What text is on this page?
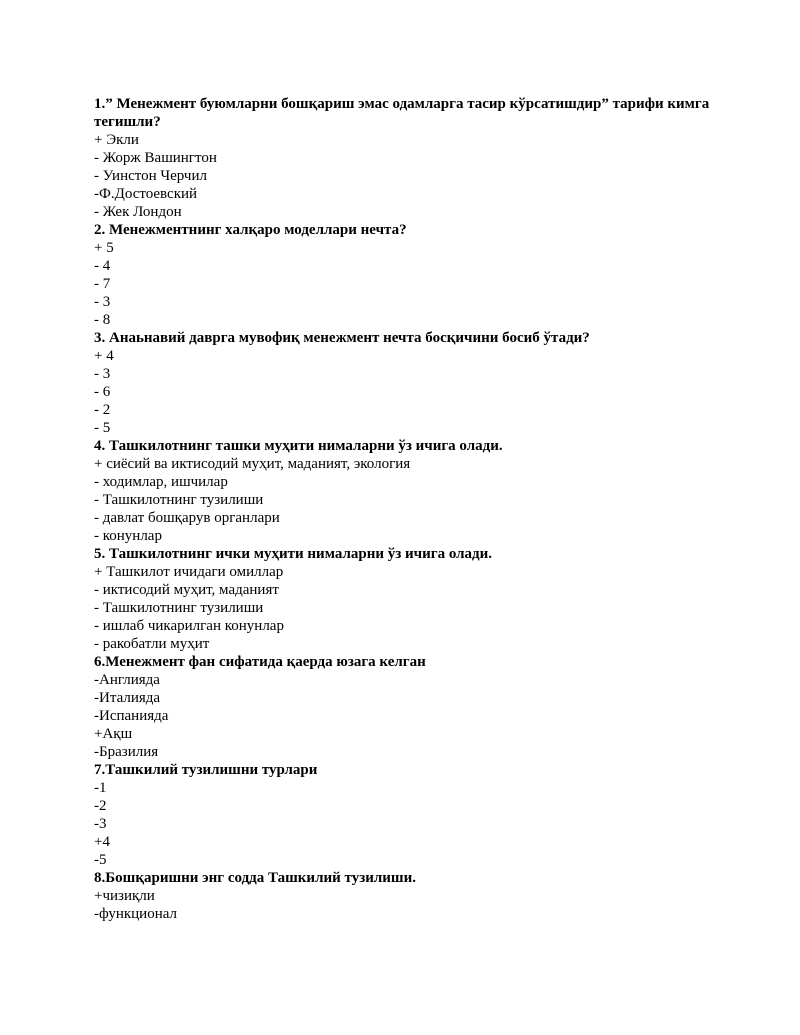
1.” Менежмент буюмларни бошқариш эмас одамларга тасир кўрсатишдир” тарифи кимга тегишли?
+ Экли
- Жорж Вашингтон
- Уинстон Черчил
-Ф.Достоевский
- Жек Лондон
2. Менежментнинг халқаро моделлари нечта?
+ 5
- 4
- 7
- 3
- 8
3. Анаьнавий даврга мувофиқ менежмент нечта босқичини босиб ўтади?
+ 4
- 3
- 6
- 2
- 5
4. Ташкилотнинг ташки муҳити нималарни ўз ичига олади.
+ сиёсий ва иктисодий муҳит, маданият, экология
- ходимлар, ишчилар
- Ташкилотнинг тузилиши
- давлат бошқарув органлари
- конунлар
5. Ташкилотнинг ички муҳити нималарни ўз ичига олади.
+ Ташкилот ичидаги омиллар
- иктисодий муҳит, маданият
- Ташкилотнинг тузилиши
- ишлаб чикарилган конунлар
- ракобатли муҳит
6.Менежмент фан сифатида қаерда юзага келган
-Англияда
-Италияда
-Испанияда
+Ақш
-Бразилия
7.Ташкилий тузилишни турлари
-1
-2
-3
+4
-5
8.Бошқаришни энг содда Ташкилий тузилиши.
+чизиқли
-функционал
